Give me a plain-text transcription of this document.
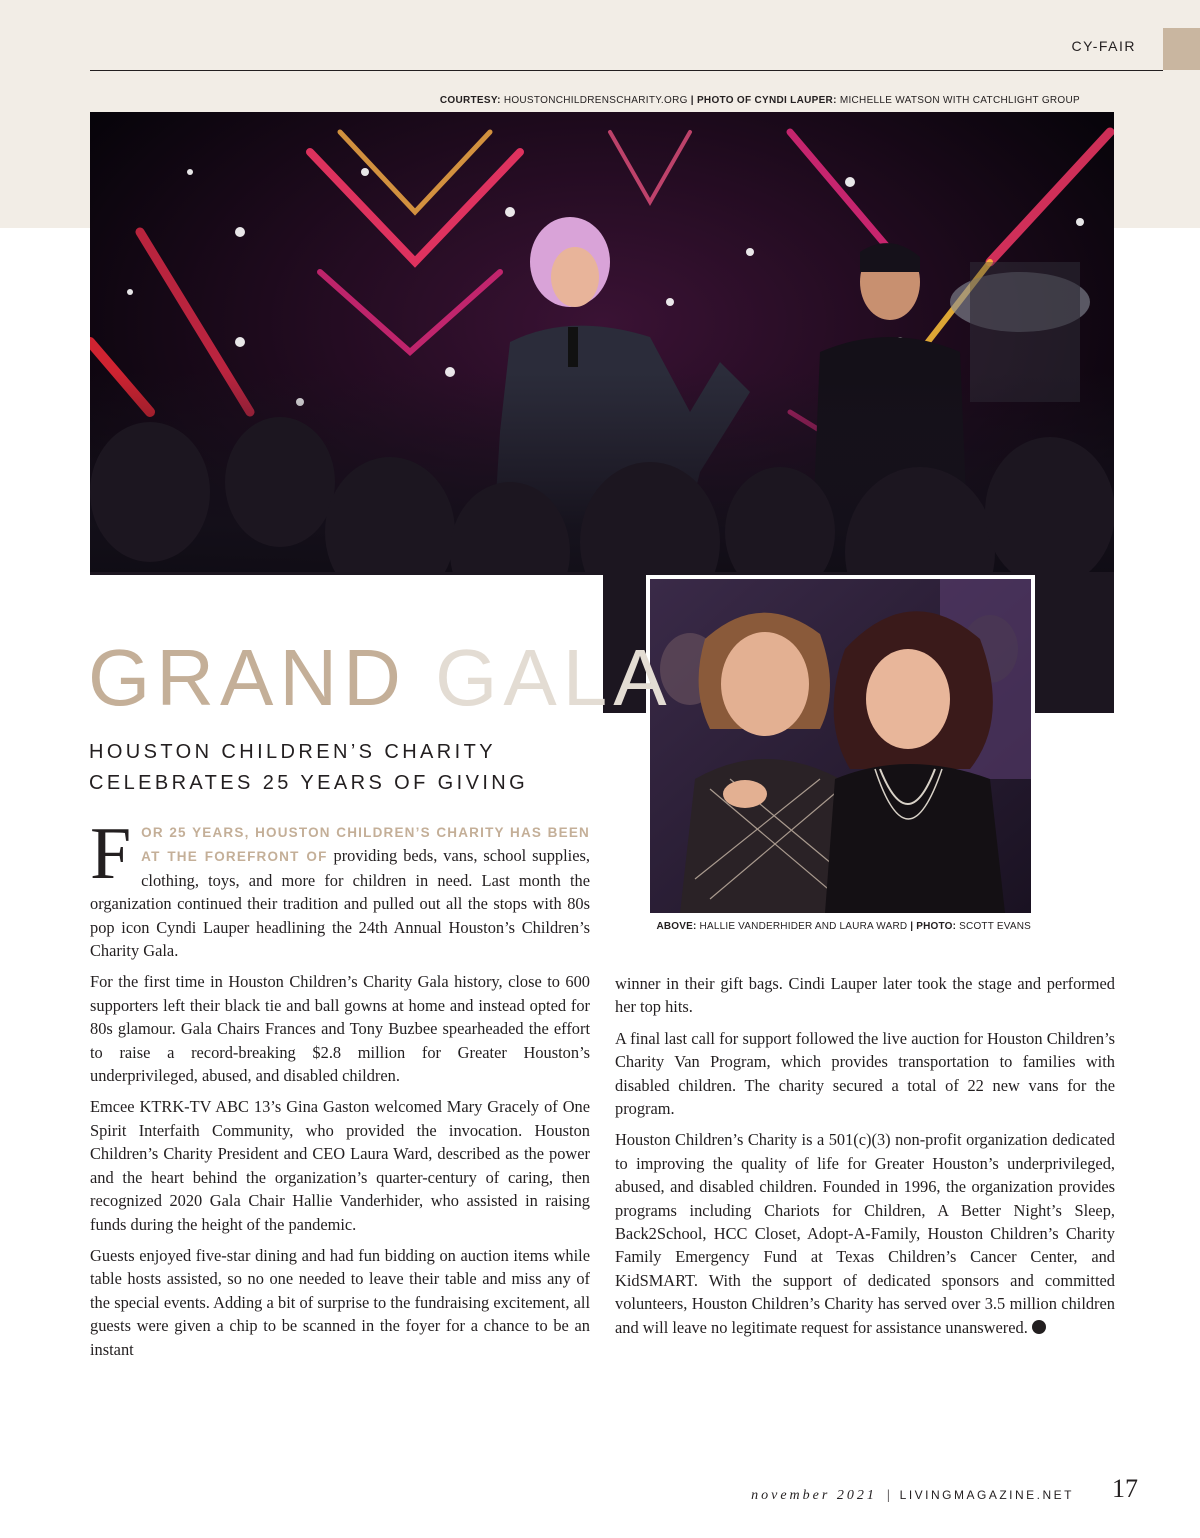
CY-FAIR
COURTESY: HOUSTONCHILDRENSCHARITY.ORG | PHOTO OF CYNDI LAUPER: MICHELLE WATSON WITH CATCHLIGHT GROUP
ABOVE: HALLIE VANDERHIDER AND LAURA WARD | PHOTO: SCOTT EVANS
GRAND GALA
HOUSTON CHILDREN’S CHARITY
CELEBRATES 25 YEARS OF GIVING

FOR 25 YEARS, HOUSTON CHILDREN’S CHARITY HAS BEEN AT THE FOREFRONT OF providing beds, vans, school supplies, clothing, toys, and more for children in need. Last month the organization continued their tradition and pulled out all the stops with 80s pop icon Cyndi Lauper headlining the 24th Annual Houston’s Children’s Charity Gala.

For the first time in Houston Children’s Charity Gala history, close to 600 supporters left their black tie and ball gowns at home and instead opted for 80s glamour. Gala Chairs Frances and Tony Buzbee spearheaded the effort to raise a record-breaking $2.8 million for Greater Houston’s underprivileged, abused, and disabled children.

Emcee KTRK-TV ABC 13’s Gina Gaston welcomed Mary Gracely of One Spirit Interfaith Community, who provided the invocation. Houston Children’s Charity President and CEO Laura Ward, described as the power and the heart behind the organization’s quarter-century of caring, then recognized 2020 Gala Chair Hallie Vanderhider, who assisted in raising funds during the height of the pandemic.

Guests enjoyed five-star dining and had fun bidding on auction items while table hosts assisted, so no one needed to leave their table and miss any of the special events. Adding a bit of surprise to the fundraising excitement, all guests were given a chip to be scanned in the foyer for a chance to be an instant

winner in their gift bags. Cindi Lauper later took the stage and performed her top hits.

A final last call for support followed the live auction for Houston Children’s Charity Van Program, which provides transportation to families with disabled children. The charity secured a total of 22 new vans for the program.

Houston Children’s Charity is a 501(c)(3) non-profit organization dedicated to improving the quality of life for Greater Houston’s underprivileged, abused, and disabled children. Founded in 1996, the organization provides programs including Chariots for Children, A Better Night’s Sleep, Back2School, HCC Closet, Adopt-A-Family, Houston Children’s Charity Family Emergency Fund at Texas Children’s Cancer Center, and KidSMART. With the support of dedicated sponsors and committed volunteers, Houston Children’s Charity has served over 3.5 million children and will leave no legitimate request for assistance unanswered.

november 2021 | LIVINGMAGAZINE.NET 17
